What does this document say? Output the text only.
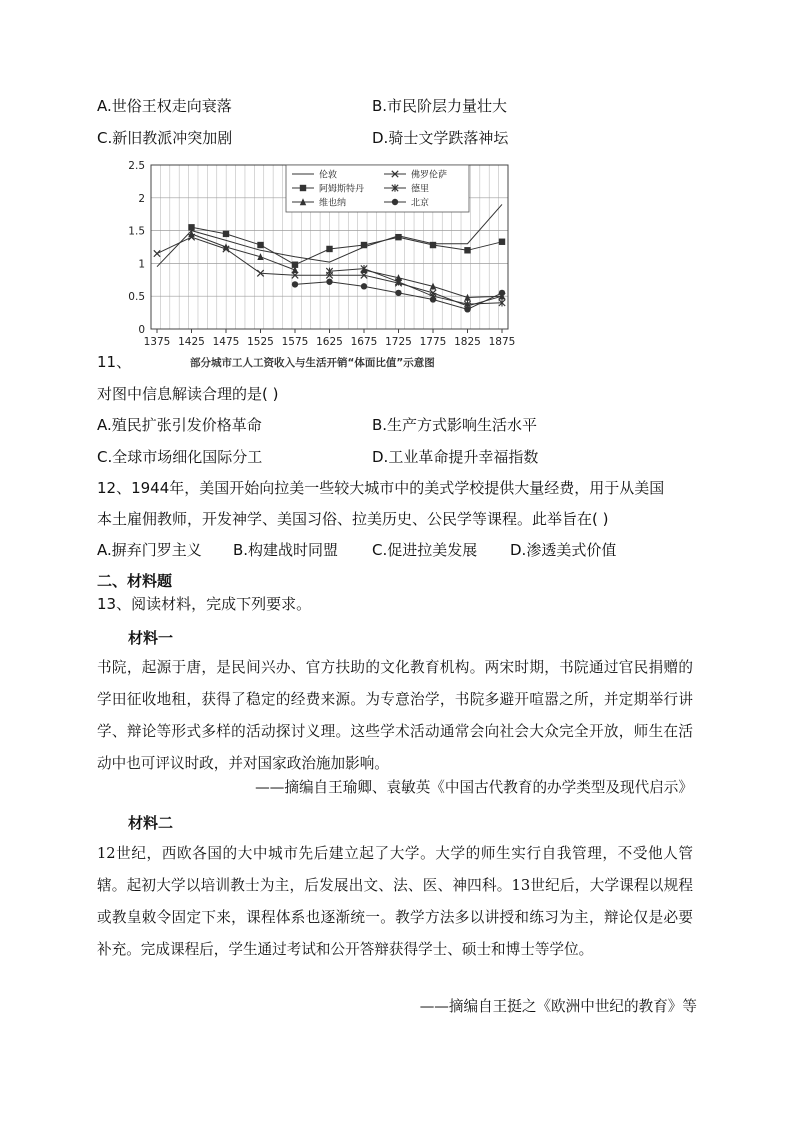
A.世俗王权走向衰落	B.市民阶层力量壮大
C.新旧教派冲突加剧	D.骑士文学跌落神坛
0
0.5
1
1.5
2
2.5
1375 1425 1475 1525 1575 1625 1675 1725 1775 1825 1875
伦敦	佛罗伦萨
阿姆斯特丹	德里
维也纳	北京
部分城市工人工资收入与生活开销“体面比值”示意图
11、
对图中信息解读合理的是( )
A.殖民扩张引发价格革命	B.生产方式影响生活水平
C.全球市场细化国际分工	D.工业革命提升幸福指数
12、1944年，美国开始向拉美一些较大城市中的美式学校提供大量经费，用于从美国
本土雇佣教师，开发神学、美国习俗、拉美历史、公民学等课程。此举旨在( )
A.摒弃门罗主义 B.构建战时同盟 C.促进拉美发展 D.渗透美式价值
二、材料题
13、阅读材料，完成下列要求。
材料一
书院，起源于唐，是民间兴办、官方扶助的文化教育机构。两宋时期，书院通过官民捐赠的学田征收地租，获得了稳定的经费来源。为专意治学，书院多避开喧嚣之所，并定期举行讲学、辩论等形式多样的活动探讨义理。这些学术活动通常会向社会大众完全开放，师生在活动中也可评议时政，并对国家政治施加影响。
——摘编自王瑜卿、袁敏英《中国古代教育的办学类型及现代启示》
材料二
12世纪，西欧各国的大中城市先后建立起了大学。大学的师生实行自我管理，不受他人管辖。起初大学以培训教士为主，后发展出文、法、医、神四科。13世纪后，大学课程以规程或教皇敕令固定下来，课程体系也逐渐统一。教学方法多以讲授和练习为主，辩论仅是必要补充。完成课程后，学生通过考试和公开答辩获得学士、硕士和博士等学位。
——摘编自王挺之《欧洲中世纪的教育》等
